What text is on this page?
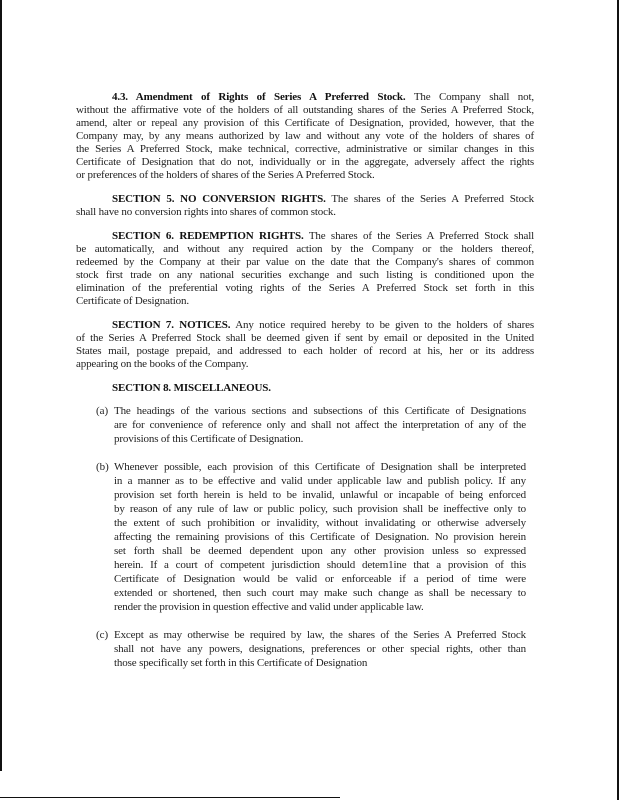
4.3. Amendment of Rights of Series A Preferred Stock. The Company shall not,
without the affirmative vote of the holders of all outstanding shares of the Series A Preferred Stock,
amend, alter or repeal any provision of this Certificate of Designation, provided, however, that the
Company may, by any means authorized by law and without any vote of the holders of shares of
the Series A Preferred Stock, make technical, corrective, administrative or similar changes in this
Certificate of Designation that do not, individually or in the aggregate, adversely affect the rights
or preferences of the holders of shares of the Series A Preferred Stock.
SECTION 5. NO CONVERSION RIGHTS. The shares of the Series A Preferred Stock
shall have no conversion rights into shares of common stock.
SECTION 6. REDEMPTION RIGHTS. The shares of the Series A Preferred Stock shall
be automatically, and without any required action by the Company or the holders thereof,
redeemed by the Company at their par value on the date that the Company's shares of common
stock first trade on any national securities exchange and such listing is conditioned upon the
elimination of the preferential voting rights of the Series A Preferred Stock set forth in this
Certificate of Designation.
SECTION 7. NOTICES. Any notice required hereby to be given to the holders of shares
of the Series A Preferred Stock shall be deemed given if sent by email or deposited in the United
States mail, postage prepaid, and addressed to each holder of record at his, her or its address
appearing on the books of the Company.
SECTION 8. MISCELLANEOUS.
(a) The headings of the various sections and subsections of this Certificate of Designations
are for convenience of reference only and shall not affect the interpretation of any of the
provisions of this Certificate of Designation.
(b) Whenever possible, each provision of this Certificate of Designation shall be interpreted
in a manner as to be effective and valid under applicable law and publish policy. If any
provision set forth herein is held to be invalid, unlawful or incapable of being enforced
by reason of any rule of law or public policy, such provision shall be ineffective only to
the extent of such prohibition or invalidity, without invalidating or otherwise adversely
affecting the remaining provisions of this Certificate of Designation. No provision herein
set forth shall be deemed dependent upon any other provision unless so expressed
herein. If a court of competent jurisdiction should detem1ine that a provision of this
Certificate of Designation would be valid or enforceable if a period of time were
extended or shortened, then such court may make such change as shall be necessary to
render the provision in question effective and valid under applicable law.
(c) Except as may otherwise be required by law, the shares of the Series A Preferred Stock
shall not have any powers, designations, preferences or other special rights, other than
those specifically set forth in this Certificate of Designation
